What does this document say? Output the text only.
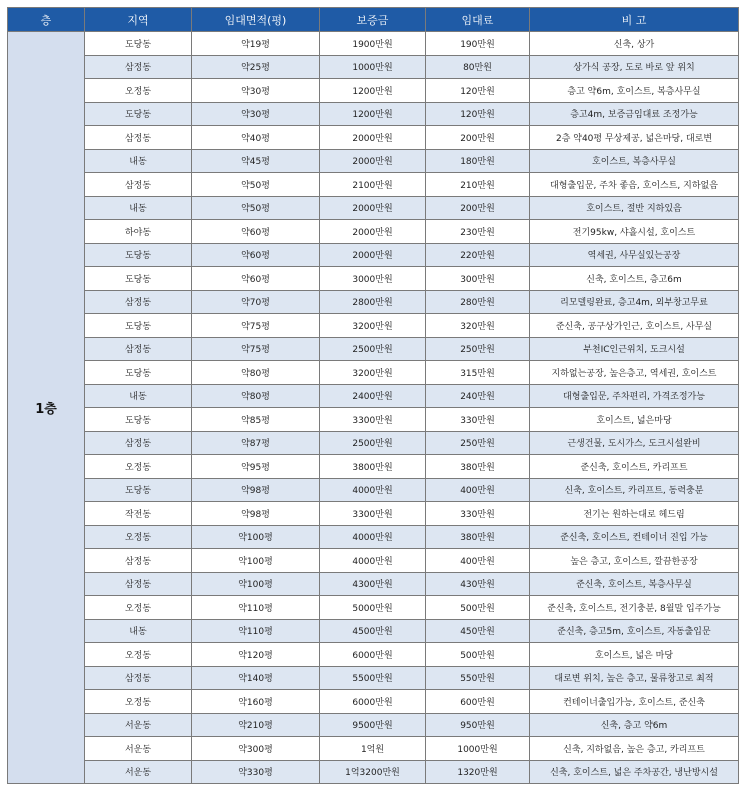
층	지역	임대면적(평)	보증금	임대료	비 고
1층	도당동	약19평	1900만원	190만원	신축, 상가
	삼정동	약25평	1000만원	80만원	상가식 공장, 도로 바로 앞 위치
	오정동	약30평	1200만원	120만원	층고 약6m, 호이스트, 복층사무실
	도당동	약30평	1200만원	120만원	층고4m, 보증금임대료 조정가능
	삼정동	약40평	2000만원	200만원	2층 약40평 무상제공, 넓은마당, 대로변
	내동	약45평	2000만원	180만원	호이스트, 복층사무실
	삼정동	약50평	2100만원	210만원	대형출입문, 주차 좋음, 호이스트, 지하없음
	내동	약50평	2000만원	200만원	호이스트, 절반 지하있음
	하야동	약60평	2000만원	230만원	전기95kw, 샤흘시설, 호이스트
	도당동	약60평	2000만원	220만원	역세권, 사무실있는공장
	도당동	약60평	3000만원	300만원	신축, 호이스트, 층고6m
	삼정동	약70평	2800만원	280만원	리모델링완료, 층고4m, 외부창고무료
	도당동	약75평	3200만원	320만원	준신축, 공구상가인근, 호이스트, 사무실
	삼정동	약75평	2500만원	250만원	부천IC인근위치, 도크시설
	도당동	약80평	3200만원	315만원	지하없는공장, 높은층고, 역세권, 호이스트
	내동	약80평	2400만원	240만원	대형출입문, 주차편리, 가격조정가능
	도당동	약85평	3300만원	330만원	호이스트, 넓은마당
	삼정동	약87평	2500만원	250만원	근생건물, 도시가스, 도크시설완비
	오정동	약95평	3800만원	380만원	준신축, 호이스트, 카리프트
	도당동	약98평	4000만원	400만원	신축, 호이스트, 카리프트, 동력충분
	작전동	약98평	3300만원	330만원	전기는 원하는대로 헤드림
	오정동	약100평	4000만원	380만원	준신축, 호이스트, 컨테이너 진입 가능
	삼정동	약100평	4000만원	400만원	높은 층고, 호이스트, 깔끔한공장
	삼정동	약100평	4300만원	430만원	준신축, 호이스트, 복층사무실
	오정동	약110평	5000만원	500만원	준신축, 호이스트, 전기충분, 8월말 입주가능
	내동	약110평	4500만원	450만원	준신축, 층고5m, 호이스트, 자동출입문
	오정동	약120평	6000만원	500만원	호이스트, 넓은 마당
	삼정동	약140평	5500만원	550만원	대로변 위치, 높은 층고, 물류창고로 최적
	오정동	약160평	6000만원	600만원	컨테이너출입가능, 호이스트, 준신축
	서운동	약210평	9500만원	950만원	신축, 층고 약6m
	서운동	약300평	1억원	1000만원	신축, 지하없음, 높은 층고, 카리프트
	서운동	약330평	1억3200만원	1320만원	신축, 호이스트, 넓은 주차공간, 냉난방시설
